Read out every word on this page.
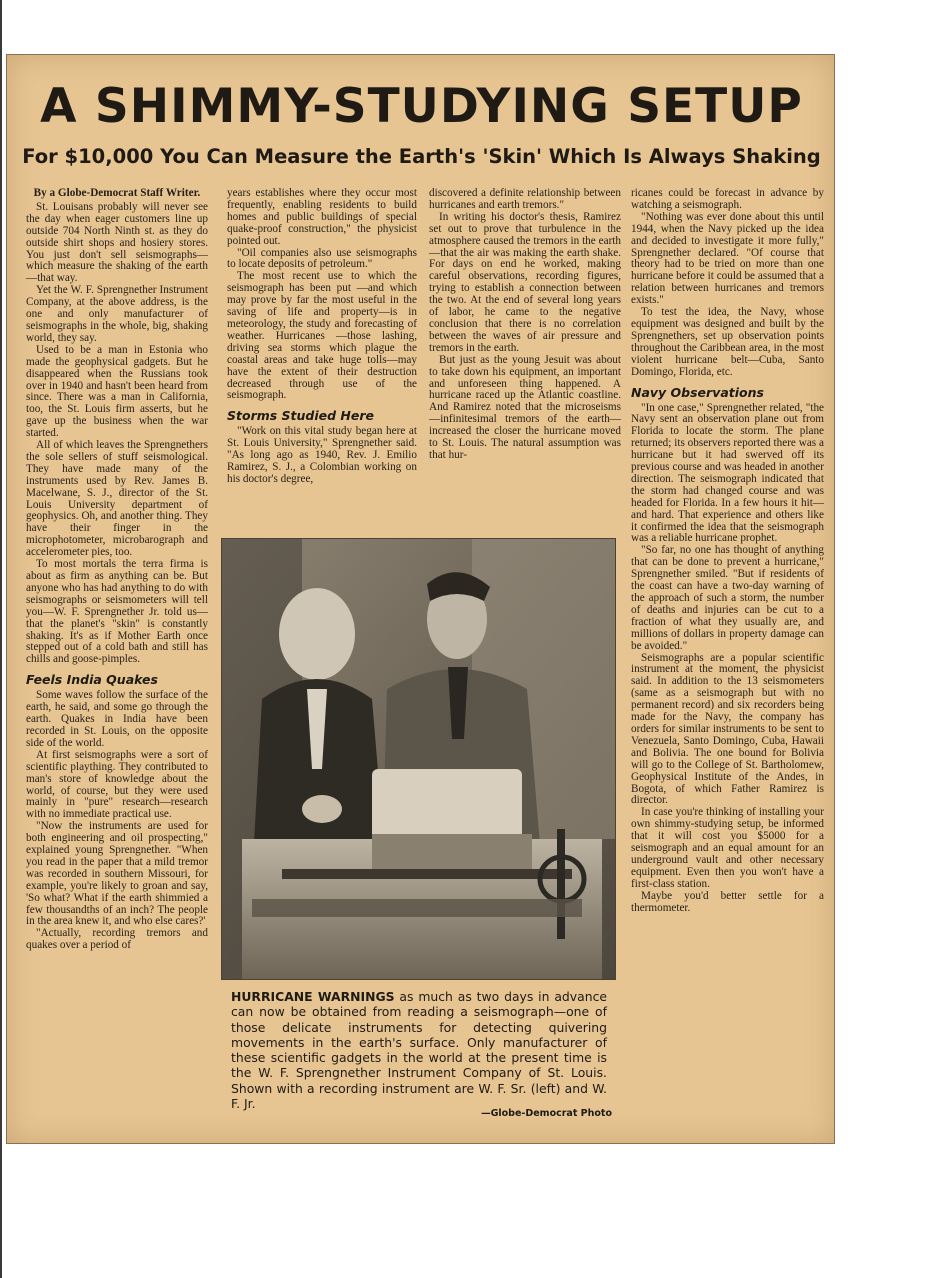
A SHIMMY-STUDYING SETUP
For $10,000 You Can Measure the Earth's 'Skin' Which Is Always Shaking

By a Globe-Democrat Staff Writer.

St. Louisans probably will never see the day when eager customers line up outside 704 North Ninth st. as they do outside shirt shops and hosiery stores. You just don't sell seismographs—which measure the shaking of the earth—that way.

Yet the W. F. Sprengnether Instrument Company, at the above address, is the one and only manufacturer of seismographs in the whole, big, shaking world, they say.

Used to be a man in Estonia who made the geophysical gadgets. But he disappeared when the Russians took over in 1940 and hasn't been heard from since. There was a man in California, too, the St. Louis firm asserts, but he gave up the business when the war started.

All of which leaves the Sprengnethers the sole sellers of stuff seismological. They have made many of the instruments used by Rev. James B. Macelwane, S. J., director of the St. Louis University department of geophysics. Oh, and another thing. They have their finger in the microphotometer, microbarograph and accelerometer pies, too.

To most mortals the terra firma is about as firm as anything can be. But anyone who has had anything to do with seismographs or seismometers will tell you—W. F. Sprengnether Jr. told us—that the planet's "skin" is constantly shaking. It's as if Mother Earth once stepped out of a cold bath and still has chills and goose-pimples.

Feels India Quakes

Some waves follow the surface of the earth, he said, and some go through the earth. Quakes in India have been recorded in St. Louis, on the opposite side of the world.

At first seismographs were a sort of scientific plaything. They contributed to man's store of knowledge about the world, of course, but they were used mainly in "pure" research—research with no immediate practical use.

"Now the instruments are used for both engineering and oil prospecting," explained young Sprengnether. "When you read in the paper that a mild tremor was recorded in southern Missouri, for example, you're likely to groan and say, 'So what? What if the earth shimmied a few thousandths of an inch? The people in the area knew it, and who else cares?'

"Actually, recording tremors and quakes over a period of

years establishes where they occur most frequently, enabling residents to build homes and public buildings of special quake-proof construction," the physicist pointed out.

"Oil companies also use seismographs to locate deposits of petroleum."

The most recent use to which the seismograph has been put —and which may prove by far the most useful in the saving of life and property—is in meteorology, the study and forecasting of weather. Hurricanes —those lashing, driving sea storms which plague the coastal areas and take huge tolls—may have the extent of their destruction decreased through use of the seismograph.

Storms Studied Here

"Work on this vital study began here at St. Louis University," Sprengnether said. "As long ago as 1940, Rev. J. Emilio Ramirez, S. J., a Colombian working on his doctor's degree,

discovered a definite relationship between hurricanes and earth tremors."

In writing his doctor's thesis, Ramirez set out to prove that turbulence in the atmosphere caused the tremors in the earth —that the air was making the earth shake. For days on end he worked, making careful observations, recording figures, trying to establish a connection between the two. At the end of several long years of labor, he came to the negative conclusion that there is no correlation between the waves of air pressure and tremors in the earth.

But just as the young Jesuit was about to take down his equipment, an important and unforeseen thing happened. A hurricane raced up the Atlantic coastline. And Ramirez noted that the microseisms—infinitesimal tremors of the earth—increased the closer the hurricane moved to St. Louis. The natural assumption was that hur-

ricanes could be forecast in advance by watching a seismograph.

"Nothing was ever done about this until 1944, when the Navy picked up the idea and decided to investigate it more fully," Sprengnether declared. "Of course that theory had to be tried on more than one hurricane before it could be assumed that a relation between hurricanes and tremors exists."

To test the idea, the Navy, whose equipment was designed and built by the Sprengnethers, set up observation points throughout the Caribbean area, in the most violent hurricane belt—Cuba, Santo Domingo, Florida, etc.

Navy Observations

"In one case," Sprengnether related, "the Navy sent an observation plane out from Florida to locate the storm. The plane returned; its observers reported there was a hurricane but it had swerved off its previous course and was headed in another direction. The seismograph indicated that the storm had changed course and was headed for Florida. In a few hours it hit—and hard. That experience and others like it confirmed the idea that the seismograph was a reliable hurricane prophet.

"So far, no one has thought of anything that can be done to prevent a hurricane," Sprengnether smiled. "But if residents of the coast can have a two-day warning of the approach of such a storm, the number of deaths and injuries can be cut to a fraction of what they usually are, and millions of dollars in property damage can be avoided."

Seismographs are a popular scientific instrument at the moment, the physicist said. In addition to the 13 seismometers (same as a seismograph but with no permanent record) and six recorders being made for the Navy, the company has orders for similar instruments to be sent to Venezuela, Santo Domingo, Cuba, Hawaii and Bolivia. The one bound for Bolivia will go to the College of St. Bartholomew, Geophysical Institute of the Andes, in Bogota, of which Father Ramirez is director.

In case you're thinking of installing your own shimmy-studying setup, be informed that it will cost you $5000 for a seismograph and an equal amount for an underground vault and other necessary equipment. Even then you won't have a first-class station.

Maybe you'd better settle for a thermometer.

HURRICANE WARNINGS as much as two days in advance can now be obtained from reading a seismograph—one of those delicate instruments for detecting quivering movements in the earth's surface. Only manufacturer of these scientific gadgets in the world at the present time is the W. F. Sprengnether Instrument Company of St. Louis. Shown with a recording instrument are W. F. Sr. (left) and W. F. Jr.
—Globe-Democrat Photo
